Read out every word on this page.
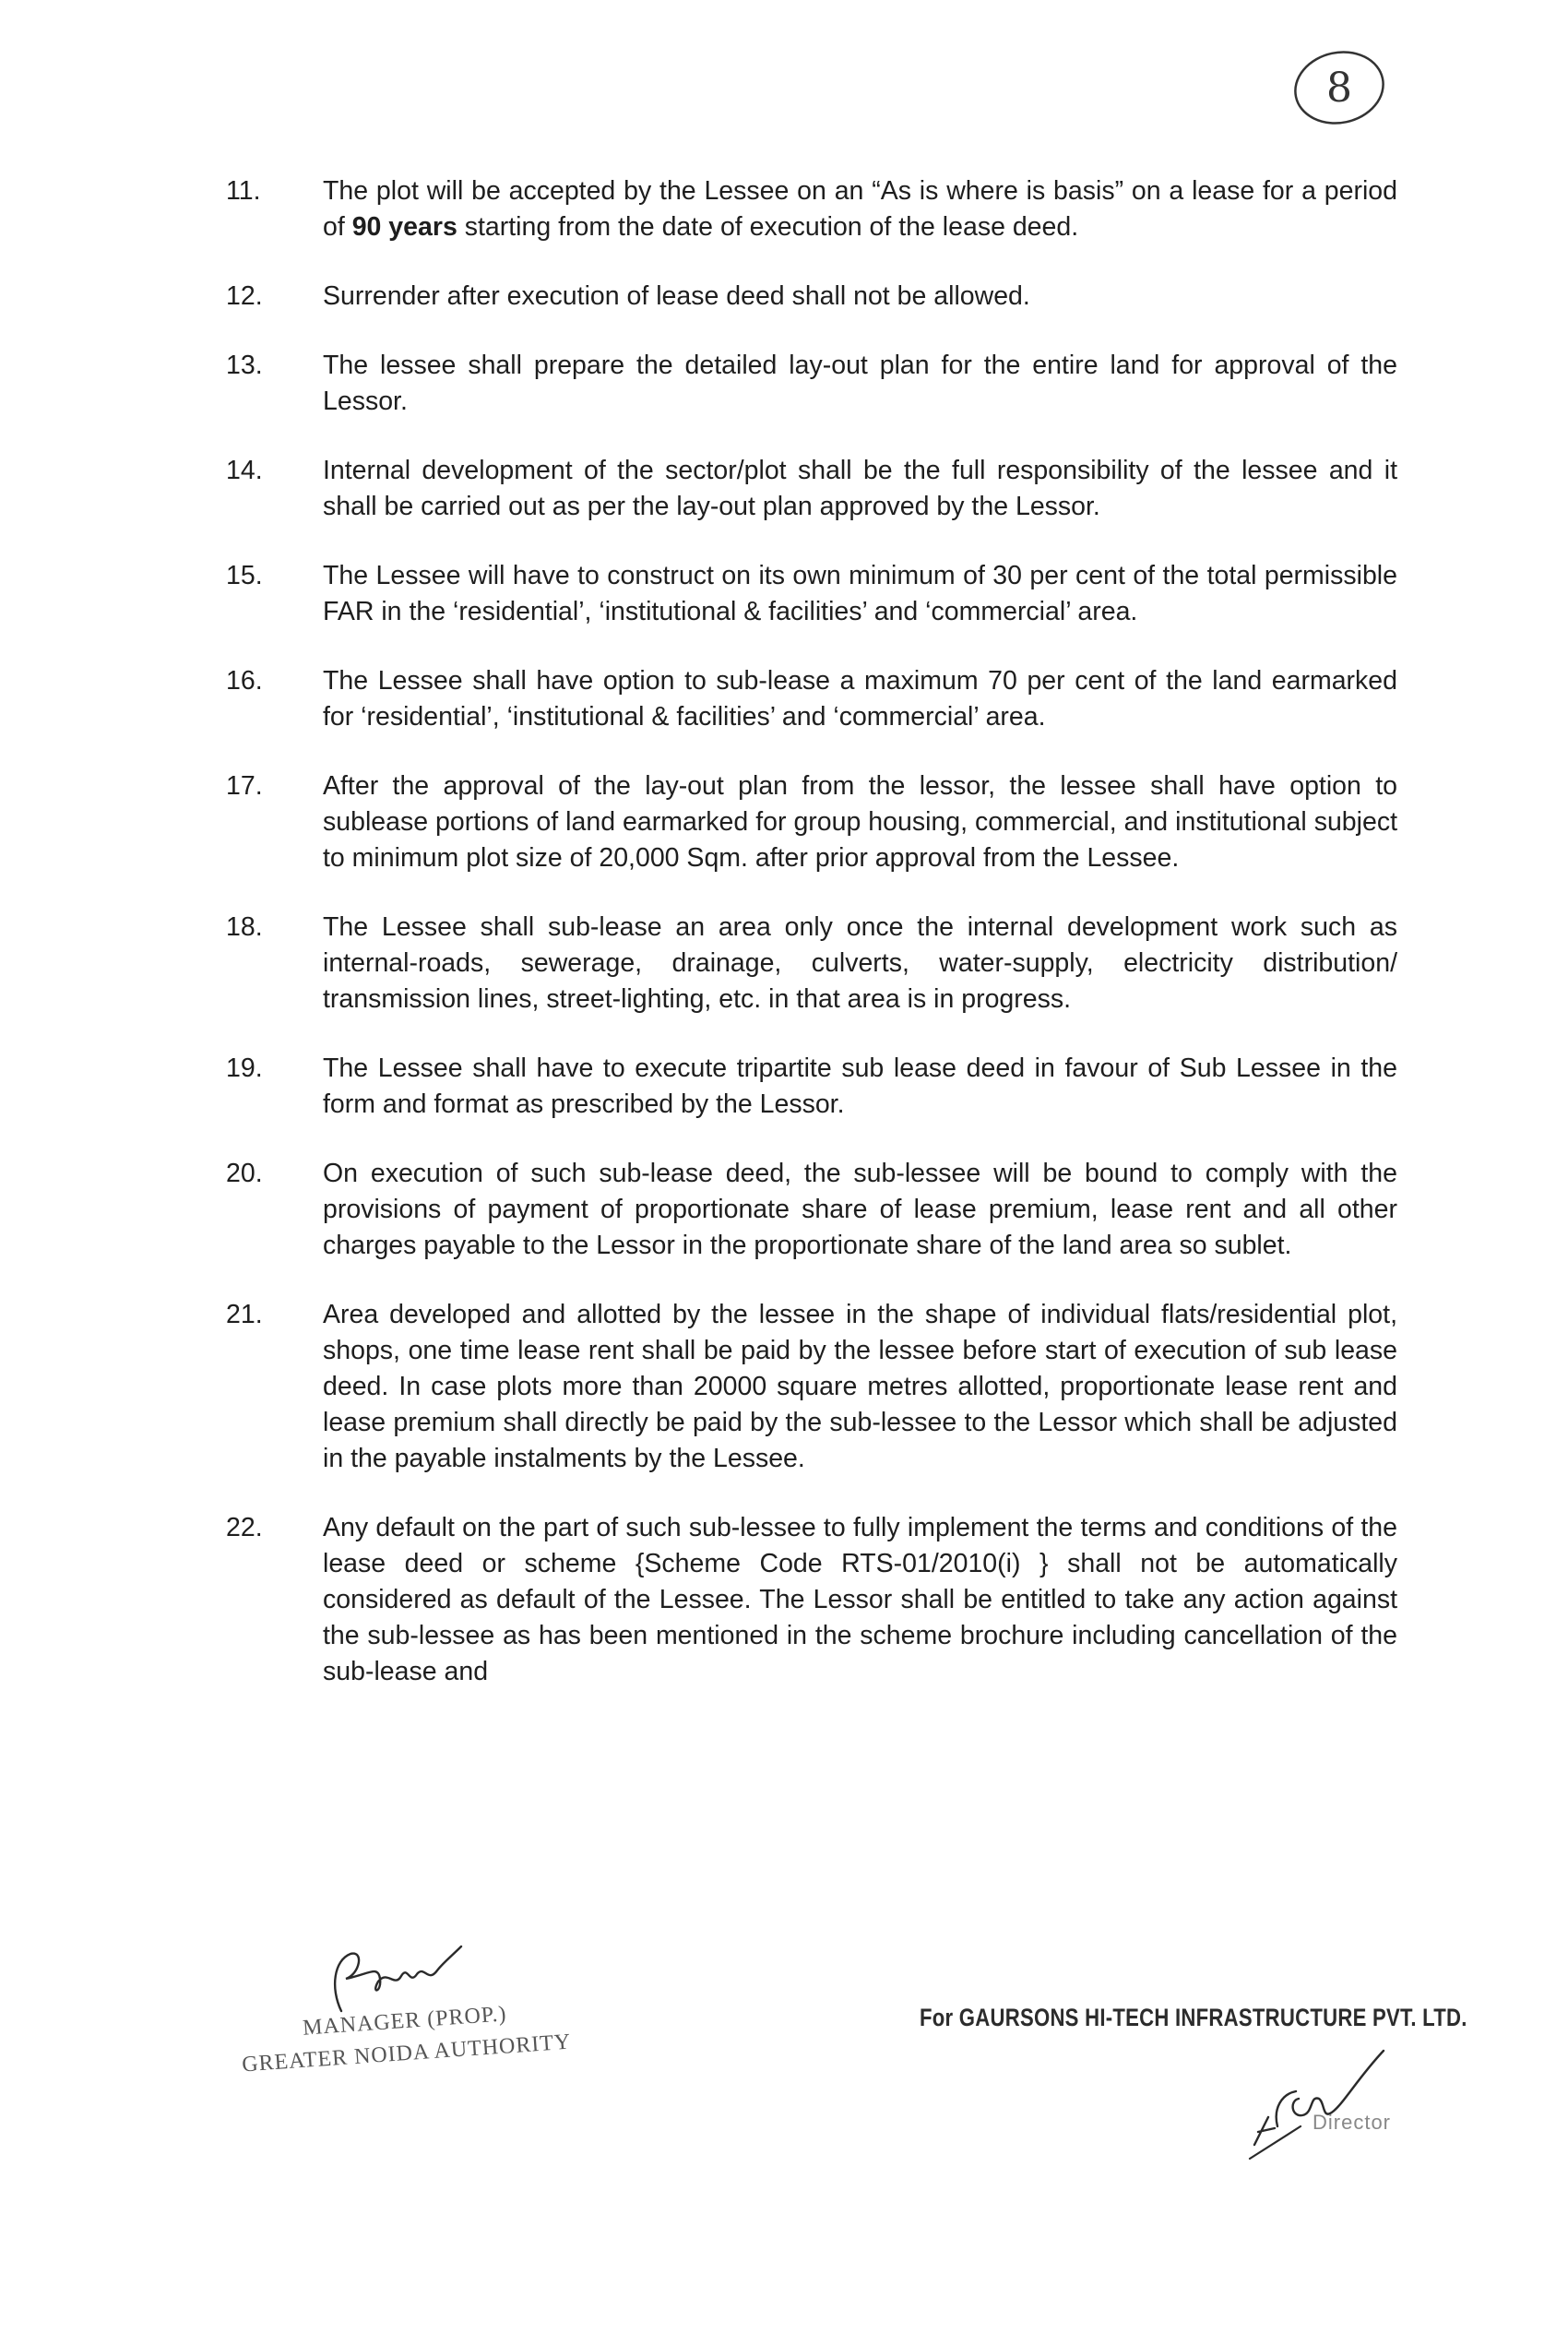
8
11.	The plot will be accepted by the Lessee on an “As is where is basis” on a lease for a period of 90 years starting from the date of execution of the lease deed.
12.	Surrender after execution of lease deed shall not be allowed.
13.	The lessee shall prepare the detailed lay-out plan for the entire land for approval of the Lessor.
14.	Internal development of the sector/plot shall be the full responsibility of the lessee and it shall be carried out as per the lay-out plan approved by the Lessor.
15.	The Lessee will have to construct on its own minimum of 30 per cent of the total permissible FAR in the ‘residential’, ‘institutional & facilities’ and ‘commercial’ area.
16.	The Lessee shall have option to sub-lease a maximum 70 per cent of the land earmarked for ‘residential’, ‘institutional & facilities’ and ‘commercial’ area.
17.	After the approval of the lay-out plan from the lessor, the lessee shall have option to sublease portions of land earmarked for group housing, commercial, and institutional subject to minimum plot size of 20,000 Sqm. after prior approval from the Lessee.
18.	The Lessee shall sub-lease an area only once the internal development work such as internal-roads, sewerage, drainage, culverts, water-supply, electricity distribution/ transmission lines, street-lighting, etc. in that area is in progress.
19.	The Lessee shall have to execute tripartite sub lease deed in favour of Sub Lessee in the form and format as prescribed by the Lessor.
20.	On execution of such sub-lease deed, the sub-lessee will be bound to comply with the provisions of payment of proportionate share of lease premium, lease rent and all other charges payable to the Lessor in the proportionate share of the land area so sublet.
21.	Area developed and allotted by the lessee in the shape of individual flats/residential plot, shops, one time lease rent shall be paid by the lessee before start of execution of sub lease deed. In case plots more than 20000 square metres allotted, proportionate lease rent and lease premium shall directly be paid by the sub-lessee to the Lessor which shall be adjusted in the payable instalments by the Lessee.
22.	Any default on the part of such sub-lessee to fully implement the terms and conditions of the lease deed or scheme {Scheme Code RTS-01/2010(i) } shall not be automatically considered as default of the Lessee. The Lessor shall be entitled to take any action against the sub-lessee as has been mentioned in the scheme brochure including cancellation of the sub-lease and
MANAGER (PROP.)
GREATER NOIDA AUTHORITY
For GAURSONS HI-TECH INFRASTRUCTURE PVT. LTD.
Director
